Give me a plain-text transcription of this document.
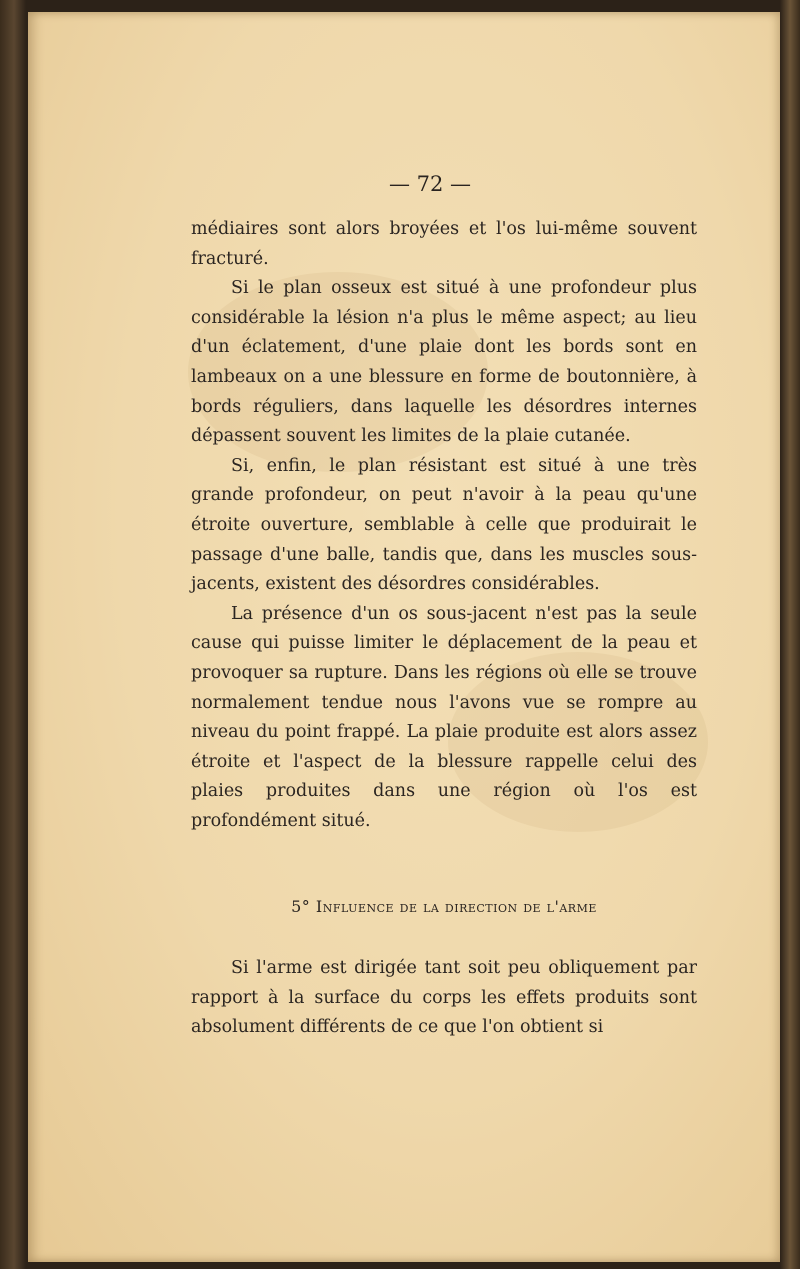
— 72 —

médiaires sont alors broyées et l'os lui-même souvent fracturé.

Si le plan osseux est situé à une profondeur plus considérable la lésion n'a plus le même aspect; au lieu d'un éclatement, d'une plaie dont les bords sont en lambeaux on a une blessure en forme de boutonnière, à bords réguliers, dans laquelle les désordres internes dépassent souvent les limites de la plaie cutanée.

Si, enfin, le plan résistant est situé à une très grande profondeur, on peut n'avoir à la peau qu'une étroite ouverture, semblable à celle que produirait le passage d'une balle, tandis que, dans les muscles sous-jacents, existent des désordres considérables.

La présence d'un os sous-jacent n'est pas la seule cause qui puisse limiter le déplacement de la peau et provoquer sa rupture. Dans les régions où elle se trouve normalement tendue nous l'avons vue se rompre au niveau du point frappé. La plaie produite est alors assez étroite et l'aspect de la blessure rappelle celui des plaies produites dans une région où l'os est profondément situé.

5° Influence de la direction de l'arme

Si l'arme est dirigée tant soit peu obliquement par rapport à la surface du corps les effets produits sont absolument différents de ce que l'on obtient si
